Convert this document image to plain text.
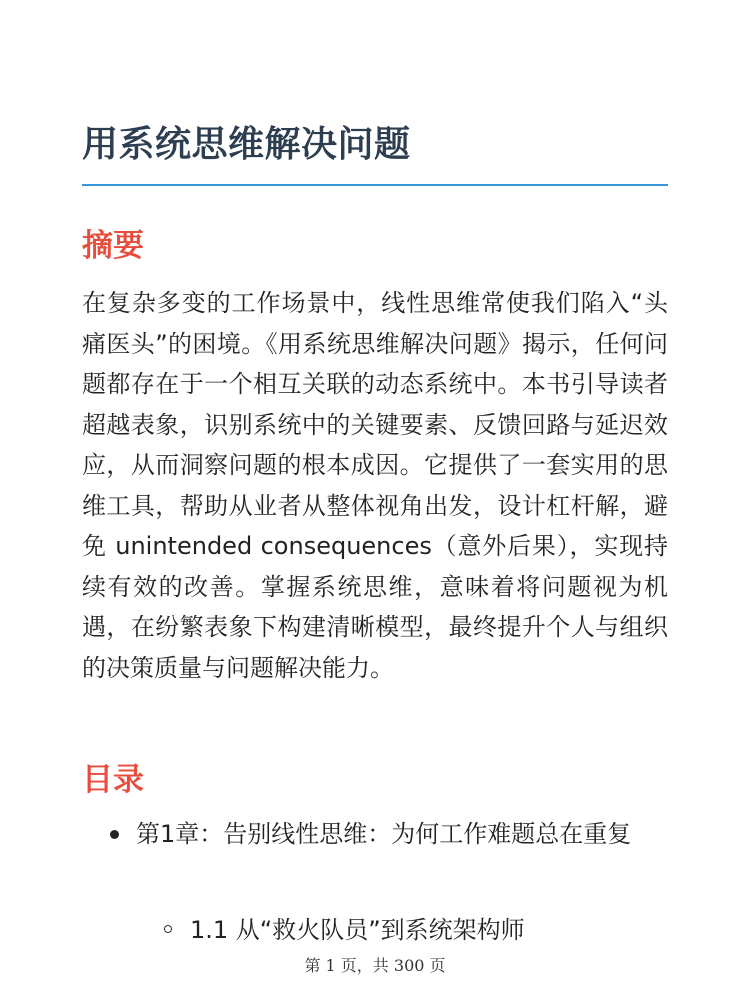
用系统思维解决问题
摘要

在复杂多变的工作场景中，线性思维常使我们陷入“头痛医头”的困境。《用系统思维解决问题》揭示，任何问题都存在于一个相互关联的动态系统中。本书引导读者超越表象，识别系统中的关键要素、反馈回路与延迟效应，从而洞察问题的根本成因。它提供了一套实用的思维工具，帮助从业者从整体视角出发，设计杠杆解，避免 unintended consequences（意外后果），实现持续有效的改善。掌握系统思维，意味着将问题视为机遇，在纷繁表象下构建清晰模型，最终提升个人与组织的决策质量与问题解决能力。

目录
第1章：告别线性思维：为何工作难题总在重复
1.1 从“救火队员”到系统架构师
第 1 页，共 300 页
